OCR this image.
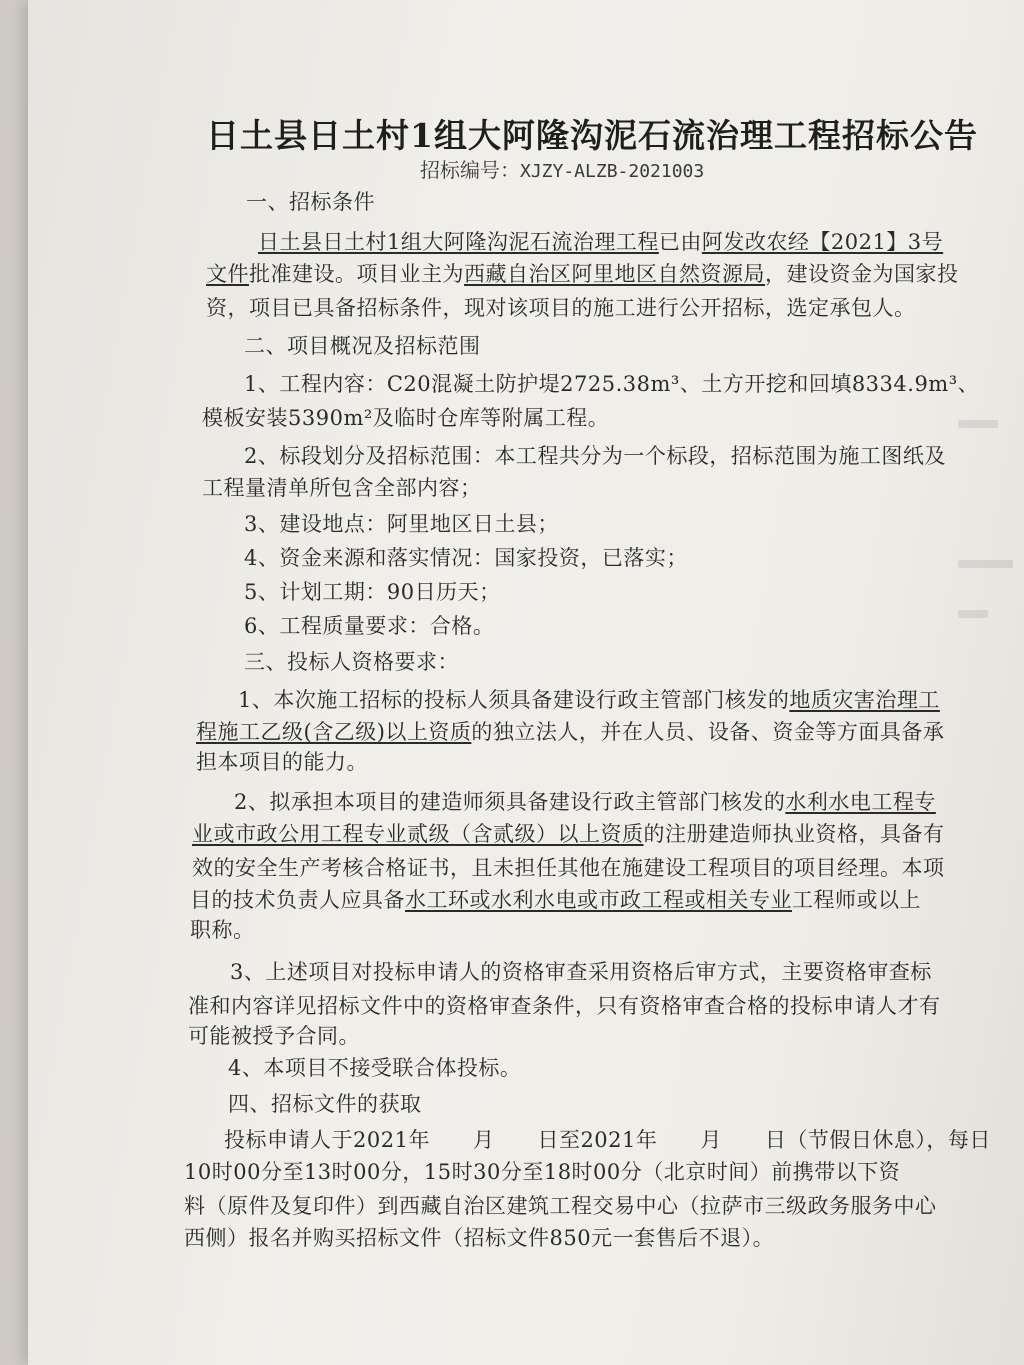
日土县日土村1组大阿隆沟泥石流治理工程招标公告
招标编号：XJZY-ALZB-2021003
一、招标条件
日土县日土村1组大阿隆沟泥石流治理工程已由阿发改农经【2021】3号
文件批准建设。项目业主为西藏自治区阿里地区自然资源局，建设资金为国家投
资，项目已具备招标条件，现对该项目的施工进行公开招标，选定承包人。
二、项目概况及招标范围
1、工程内容：C20混凝土防护堤2725.38m³、土方开挖和回填8334.9m³、
模板安装5390m²及临时仓库等附属工程。
2、标段划分及招标范围：本工程共分为一个标段，招标范围为施工图纸及
工程量清单所包含全部内容；
3、建设地点：阿里地区日土县；
4、资金来源和落实情况：国家投资，已落实；
5、计划工期：90日历天；
6、工程质量要求：合格。
三、投标人资格要求：
1、本次施工招标的投标人须具备建设行政主管部门核发的地质灾害治理工
程施工乙级(含乙级)以上资质的独立法人，并在人员、设备、资金等方面具备承
担本项目的能力。
2、拟承担本项目的建造师须具备建设行政主管部门核发的水利水电工程专
业或市政公用工程专业贰级（含贰级）以上资质的注册建造师执业资格，具备有
效的安全生产考核合格证书，且未担任其他在施建设工程项目的项目经理。本项
目的技术负责人应具备水工环或水利水电或市政工程或相关专业工程师或以上
职称。
3、上述项目对投标申请人的资格审查采用资格后审方式，主要资格审查标
准和内容详见招标文件中的资格审查条件，只有资格审查合格的投标申请人才有
可能被授予合同。
4、本项目不接受联合体投标。
四、招标文件的获取
投标申请人于2021年　　月　　日至2021年　　月　　日（节假日休息），每日
10时00分至13时00分，15时30分至18时00分（北京时间）前携带以下资
料（原件及复印件）到西藏自治区建筑工程交易中心（拉萨市三级政务服务中心
西侧）报名并购买招标文件（招标文件850元一套售后不退）。
